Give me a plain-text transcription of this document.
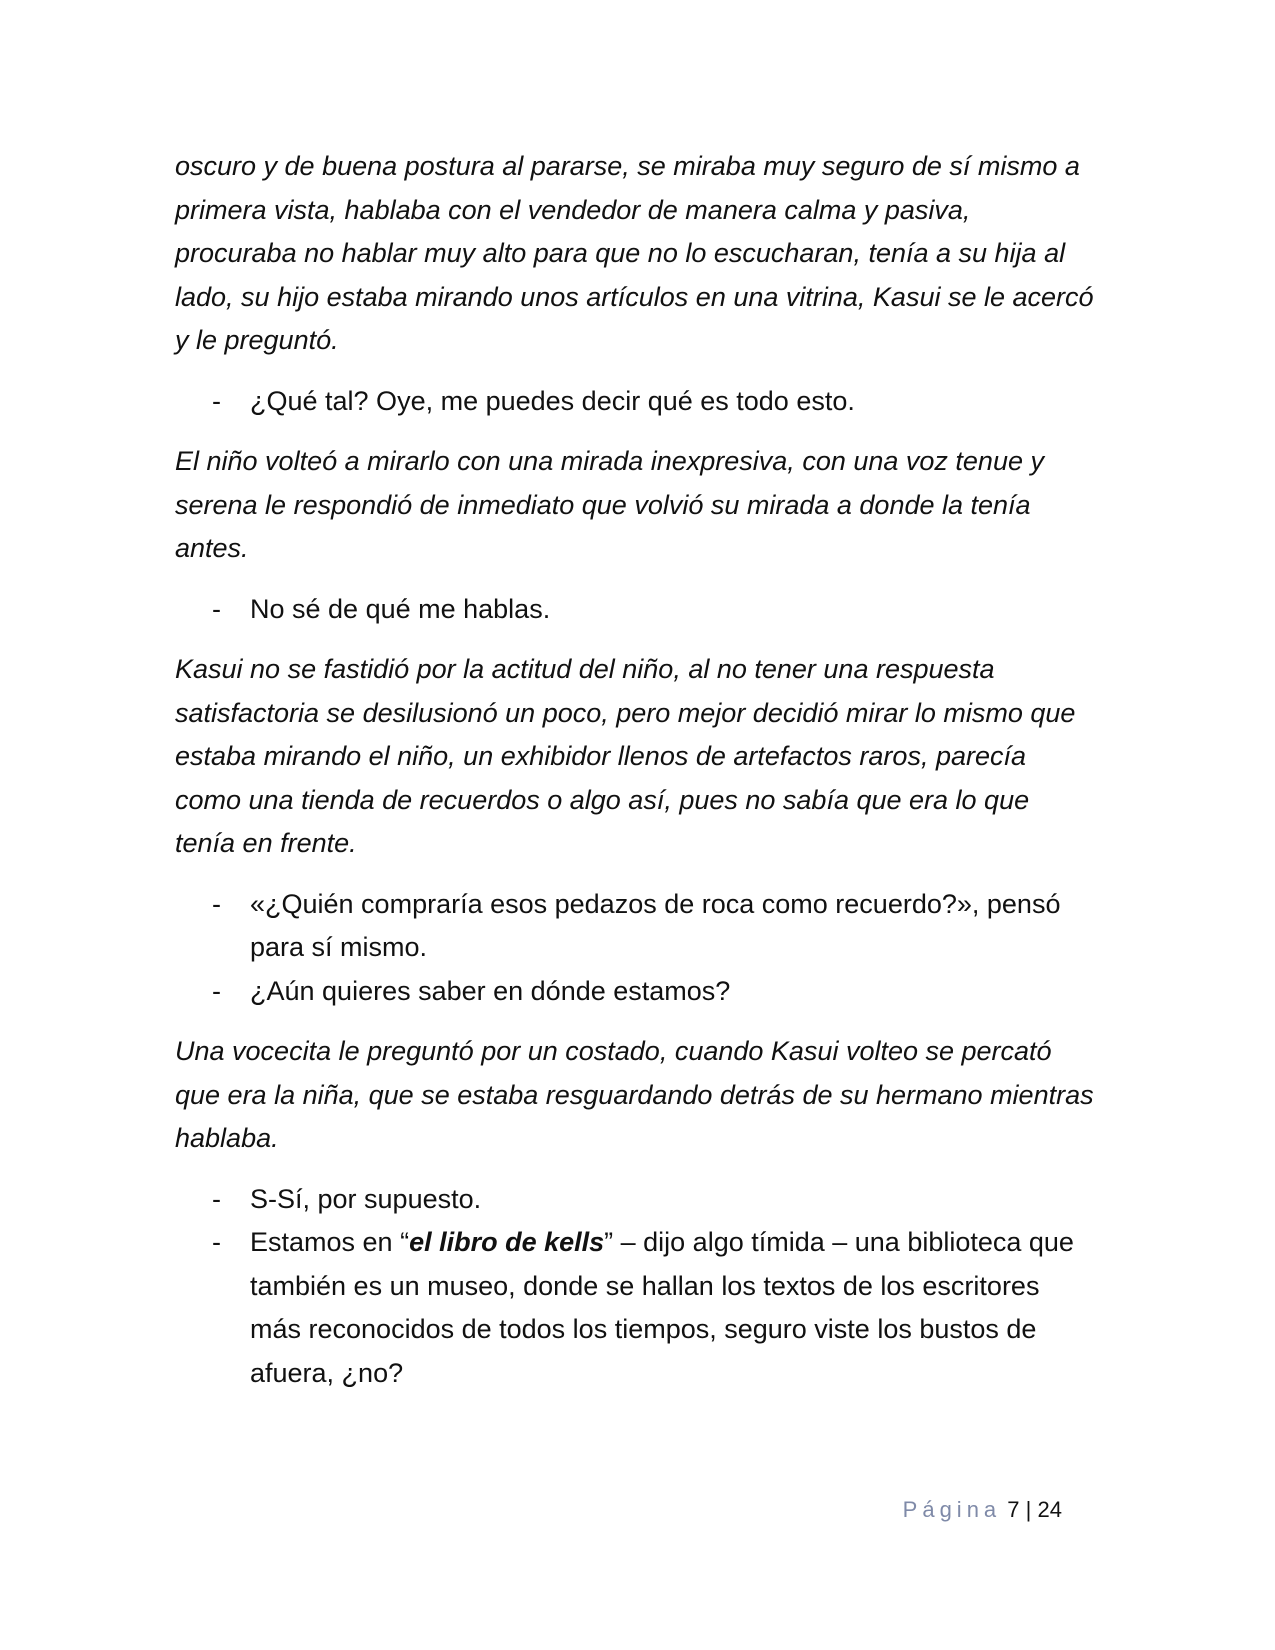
oscuro y de buena postura al pararse, se miraba muy seguro de sí mismo a primera vista, hablaba con el vendedor de manera calma y pasiva, procuraba no hablar muy alto para que no lo escucharan, tenía a su hija al lado, su hijo estaba mirando unos artículos en una vitrina, Kasui se le acercó y le preguntó.

- ¿Qué tal? Oye, me puedes decir qué es todo esto.

El niño volteó a mirarlo con una mirada inexpresiva, con una voz tenue y serena le respondió de inmediato que volvió su mirada a donde la tenía antes.

- No sé de qué me hablas.

Kasui no se fastidió por la actitud del niño, al no tener una respuesta satisfactoria se desilusionó un poco, pero mejor decidió mirar lo mismo que estaba mirando el niño, un exhibidor llenos de artefactos raros, parecía como una tienda de recuerdos o algo así, pues no sabía que era lo que tenía en frente.

- «¿Quién compraría esos pedazos de roca como recuerdo?», pensó para sí mismo.
- ¿Aún quieres saber en dónde estamos?

Una vocecita le preguntó por un costado, cuando Kasui volteo se percató que era la niña, que se estaba resguardando detrás de su hermano mientras hablaba.

- S-Sí, por supuesto.
- Estamos en “el libro de kells” – dijo algo tímida – una biblioteca que también es un museo, donde se hallan los textos de los escritores más reconocidos de todos los tiempos, seguro viste los bustos de afuera, ¿no?
Página 7 | 24
